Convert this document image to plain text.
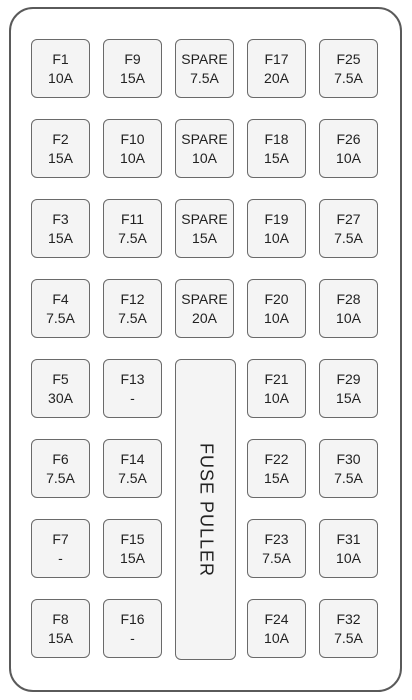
F1
10A
F2
15A
F3
15A
F4
7.5A
F5
30A
F6
7.5A
F7
-
F8
15A
F9
15A
F10
10A
F11
7.5A
F12
7.5A
F13
-
F14
7.5A
F15
15A
F16
-
SPARE
7.5A
SPARE
10A
SPARE
15A
SPARE
20A
F17
20A
F18
15A
F19
10A
F20
10A
F21
10A
F22
15A
F23
7.5A
F24
10A
F25
7.5A
F26
10A
F27
7.5A
F28
10A
F29
15A
F30
7.5A
F31
10A
F32
7.5A
FUSE PULLER
